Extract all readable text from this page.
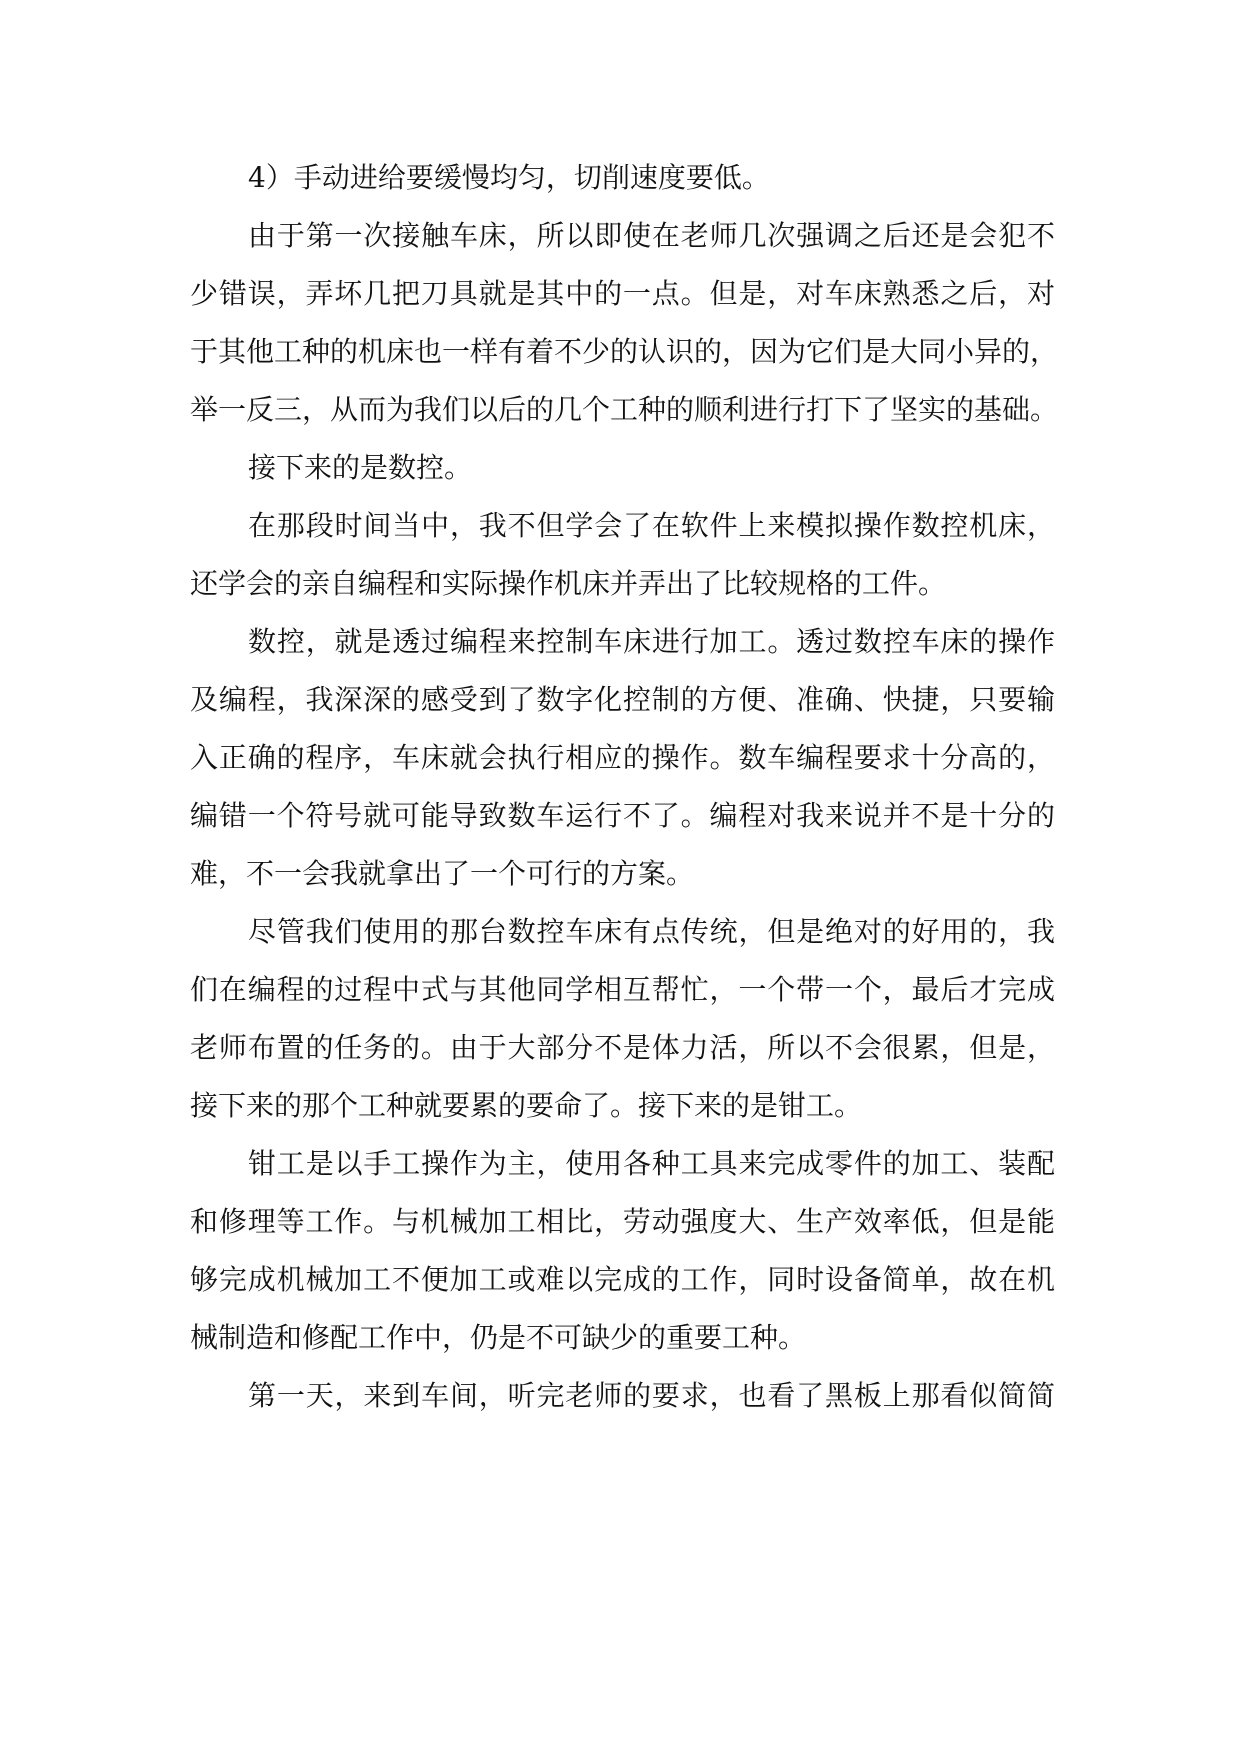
4）手动进给要缓慢均匀，切削速度要低。
由于第一次接触车床，所以即使在老师几次强调之后还是会犯不
少错误，弄坏几把刀具就是其中的一点。但是，对车床熟悉之后，对
于其他工种的机床也一样有着不少的认识的，因为它们是大同小异的，
举一反三，从而为我们以后的几个工种的顺利进行打下了坚实的基础。
接下来的是数控。
在那段时间当中，我不但学会了在软件上来模拟操作数控机床，
还学会的亲自编程和实际操作机床并弄出了比较规格的工件。
数控，就是透过编程来控制车床进行加工。透过数控车床的操作
及编程，我深深的感受到了数字化控制的方便、准确、快捷，只要输
入正确的程序，车床就会执行相应的操作。数车编程要求十分高的，
编错一个符号就可能导致数车运行不了。编程对我来说并不是十分的
难，不一会我就拿出了一个可行的方案。
尽管我们使用的那台数控车床有点传统，但是绝对的好用的，我
们在编程的过程中式与其他同学相互帮忙，一个带一个，最后才完成
老师布置的任务的。由于大部分不是体力活，所以不会很累，但是，
接下来的那个工种就要累的要命了。接下来的是钳工。
钳工是以手工操作为主，使用各种工具来完成零件的加工、装配
和修理等工作。与机械加工相比，劳动强度大、生产效率低，但是能
够完成机械加工不便加工或难以完成的工作，同时设备简单，故在机
械制造和修配工作中，仍是不可缺少的重要工种。
第一天，来到车间，听完老师的要求，也看了黑板上那看似简简
